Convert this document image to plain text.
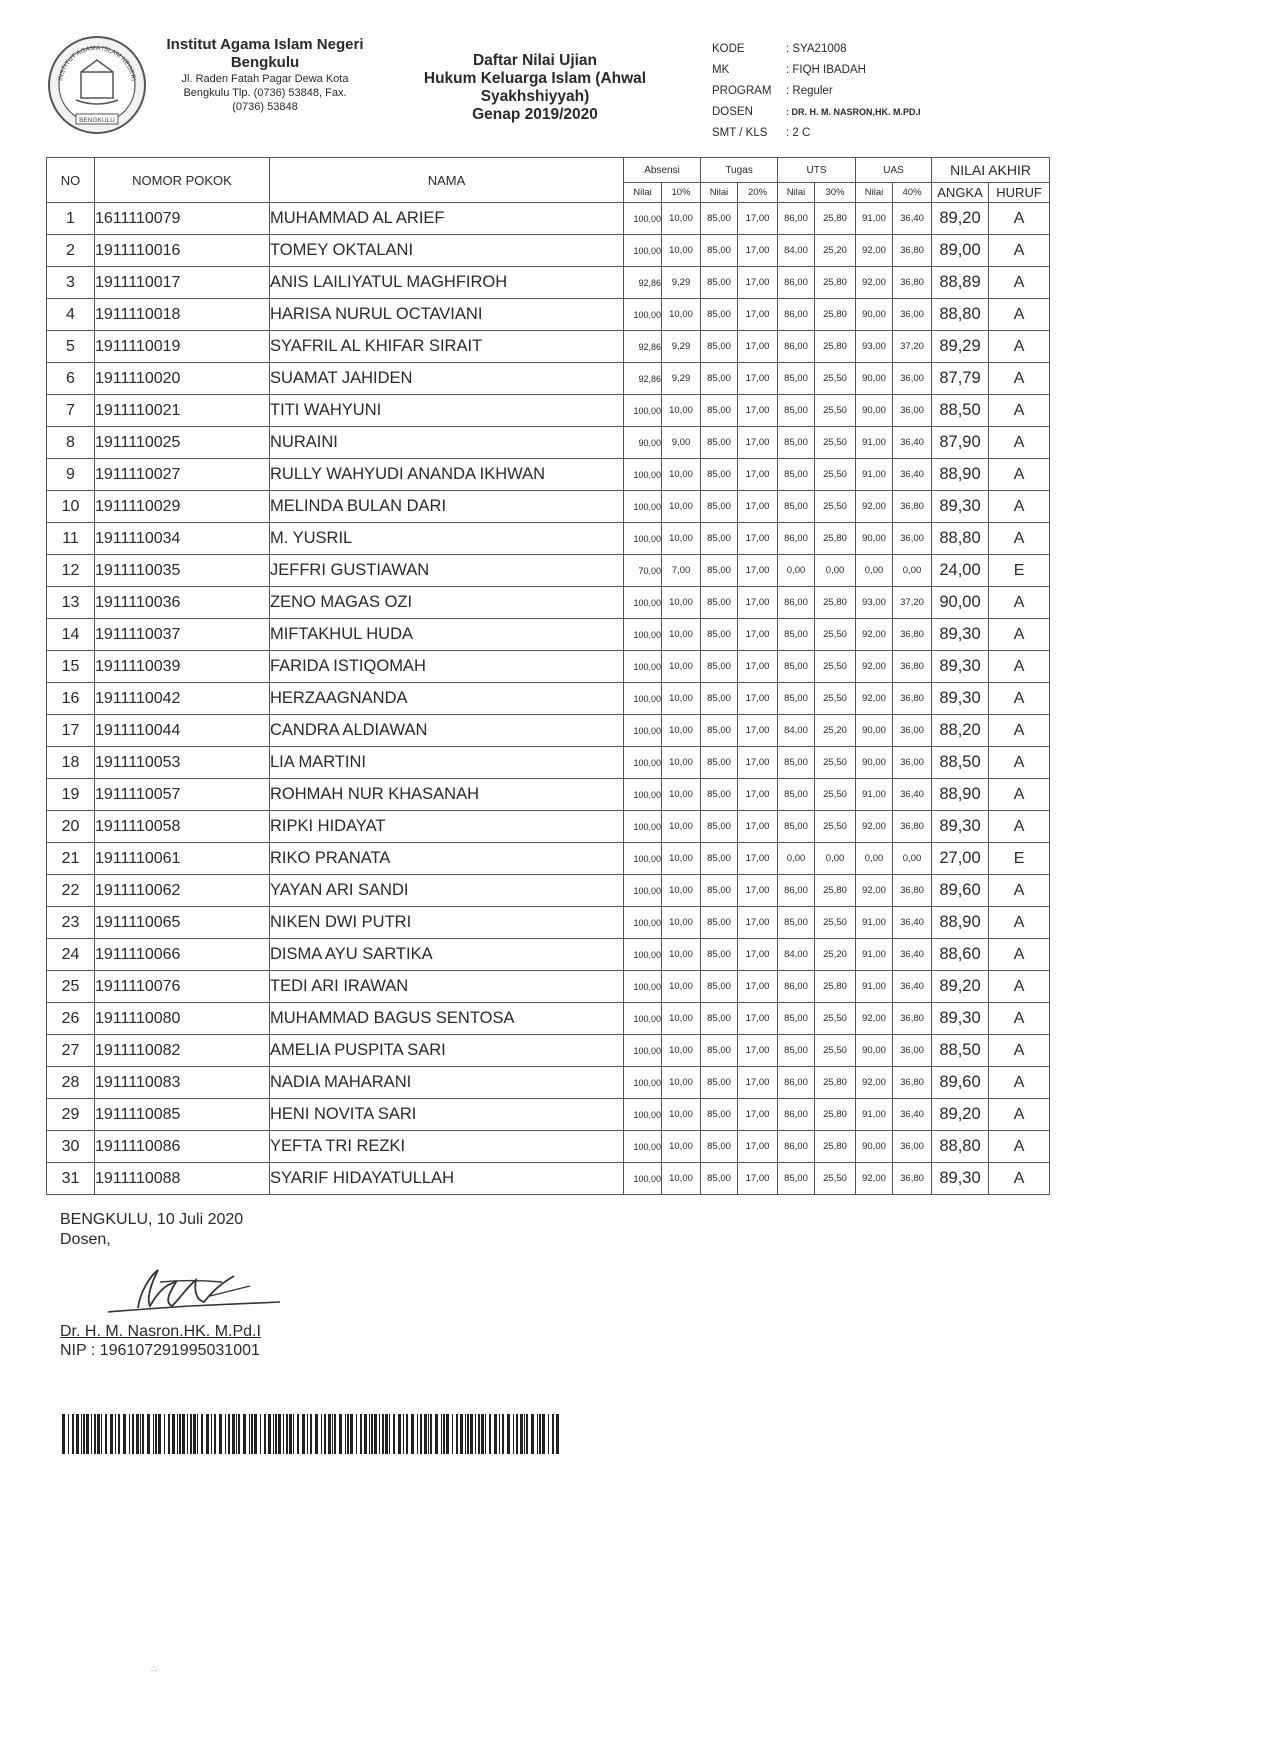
INSTITUT AGAMA ISLAM NEGERI
BENGKULU
Institut Agama Islam Negeri
Bengkulu
Jl. Raden Fatah Pagar Dewa Kota
Bengkulu Tlp. (0736) 53848, Fax.
(0736) 53848
Daftar Nilai Ujian
Hukum Keluarga Islam (Ahwal
Syakhshiyyah)
Genap 2019/2020
KODE	: SYA21008
MK	: FIQH IBADAH
PROGRAM	: Reguler
DOSEN	: DR. H. M. NASRON,HK. M.PD.I
SMT / KLS	: 2 C
NO	NOMOR POKOK	NAMA	Absensi		Tugas		UTS		UAS		NILAI AKHIR	
			Nilai	10%	Nilai	20%	Nilai	30%	Nilai	40%	ANGKA	HURUF
1	1611110079	MUHAMMAD AL ARIEF	100,00	10,00	85,00	17,00	86,00	25,80	91,00	36,40	89,20	A
2	1911110016	TOMEY OKTALANI	100,00	10,00	85,00	17,00	84,00	25,20	92,00	36,80	89,00	A
3	1911110017	ANIS LAILIYATUL MAGHFIROH	92,86	9,29	85,00	17,00	86,00	25,80	92,00	36,80	88,89	A
4	1911110018	HARISA NURUL OCTAVIANI	100,00	10,00	85,00	17,00	86,00	25,80	90,00	36,00	88,80	A
5	1911110019	SYAFRIL AL KHIFAR SIRAIT	92,86	9,29	85,00	17,00	86,00	25,80	93,00	37,20	89,29	A
6	1911110020	SUAMAT JAHIDEN	92,86	9,29	85,00	17,00	85,00	25,50	90,00	36,00	87,79	A
7	1911110021	TITI WAHYUNI	100,00	10,00	85,00	17,00	85,00	25,50	90,00	36,00	88,50	A
8	1911110025	NURAINI	90,00	9,00	85,00	17,00	85,00	25,50	91,00	36,40	87,90	A
9	1911110027	RULLY WAHYUDI ANANDA IKHWAN	100,00	10,00	85,00	17,00	85,00	25,50	91,00	36,40	88,90	A
10	1911110029	MELINDA BULAN DARI	100,00	10,00	85,00	17,00	85,00	25,50	92,00	36,80	89,30	A
11	1911110034	M. YUSRIL	100,00	10,00	85,00	17,00	86,00	25,80	90,00	36,00	88,80	A
12	1911110035	JEFFRI GUSTIAWAN	70,00	7,00	85,00	17,00	0,00	0,00	0,00	0,00	24,00	E
13	1911110036	ZENO MAGAS OZI	100,00	10,00	85,00	17,00	86,00	25,80	93,00	37,20	90,00	A
14	1911110037	MIFTAKHUL HUDA	100,00	10,00	85,00	17,00	85,00	25,50	92,00	36,80	89,30	A
15	1911110039	FARIDA ISTIQOMAH	100,00	10,00	85,00	17,00	85,00	25,50	92,00	36,80	89,30	A
16	1911110042	HERZAAGNANDA	100,00	10,00	85,00	17,00	85,00	25,50	92,00	36,80	89,30	A
17	1911110044	CANDRA ALDIAWAN	100,00	10,00	85,00	17,00	84,00	25,20	90,00	36,00	88,20	A
18	1911110053	LIA MARTINI	100,00	10,00	85,00	17,00	85,00	25,50	90,00	36,00	88,50	A
19	1911110057	ROHMAH NUR KHASANAH	100,00	10,00	85,00	17,00	85,00	25,50	91,00	36,40	88,90	A
20	1911110058	RIPKI HIDAYAT	100,00	10,00	85,00	17,00	85,00	25,50	92,00	36,80	89,30	A
21	1911110061	RIKO PRANATA	100,00	10,00	85,00	17,00	0,00	0,00	0,00	0,00	27,00	E
22	1911110062	YAYAN ARI SANDI	100,00	10,00	85,00	17,00	86,00	25,80	92,00	36,80	89,60	A
23	1911110065	NIKEN DWI PUTRI	100,00	10,00	85,00	17,00	85,00	25,50	91,00	36,40	88,90	A
24	1911110066	DISMA AYU SARTIKA	100,00	10,00	85,00	17,00	84,00	25,20	91,00	36,40	88,60	A
25	1911110076	TEDI ARI IRAWAN	100,00	10,00	85,00	17,00	86,00	25,80	91,00	36,40	89,20	A
26	1911110080	MUHAMMAD BAGUS SENTOSA	100,00	10,00	85,00	17,00	85,00	25,50	92,00	36,80	89,30	A
27	1911110082	AMELIA PUSPITA SARI	100,00	10,00	85,00	17,00	85,00	25,50	90,00	36,00	88,50	A
28	1911110083	NADIA MAHARANI	100,00	10,00	85,00	17,00	86,00	25,80	92,00	36,80	89,60	A
29	1911110085	HENI NOVITA SARI	100,00	10,00	85,00	17,00	86,00	25,80	91,00	36,40	89,20	A
30	1911110086	YEFTA TRI REZKI	100,00	10,00	85,00	17,00	86,00	25,80	90,00	36,00	88,80	A
31	1911110088	SYARIF HIDAYATULLAH	100,00	10,00	85,00	17,00	85,00	25,50	92,00	36,80	89,30	A
BENGKULU, 10 Juli 2020
Dosen,
Dr. H. M. Nasron.HK. M.Pd.I
NIP : 196107291995031001
∴
